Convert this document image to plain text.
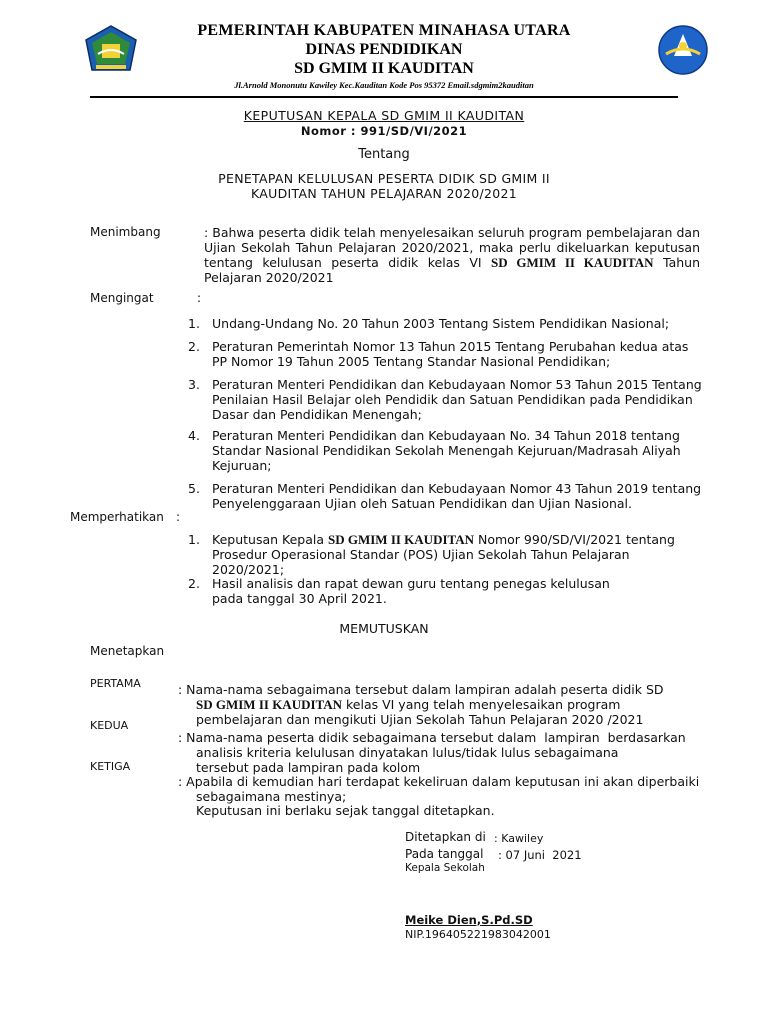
PEMERINTAH KABUPATEN MINAHASA UTARA
DINAS PENDIDIKAN
SD GMIM II KAUDITAN
Jl.Arnold Mononutu Kawiley Kec.Kauditan Kode Pos 95372 Email.sdgmim2kauditan
KEPUTUSAN KEPALA SD GMIM II KAUDITAN
Nomor : 991/SD/VI/2021
Tentang
PENETAPAN KELULUSAN PESERTA DIDIK SD GMIM II
KAUDITAN TAHUN PELAJARAN 2020/2021
Menimbang	: Bahwa peserta didik telah menyelesaikan seluruh program pembelajaran dan Ujian Sekolah Tahun Pelajaran 2020/2021, maka perlu dikeluarkan keputusan tentang kelulusan peserta didik kelas VI SD GMIM II KAUDITAN Tahun Pelajaran 2020/2021
Mengingat	:
1. Undang-Undang No. 20 Tahun 2003 Tentang Sistem Pendidikan Nasional;
2. Peraturan Pemerintah Nomor 13 Tahun 2015 Tentang Perubahan kedua atas PP Nomor 19 Tahun 2005 Tentang Standar Nasional Pendidikan;
3. Peraturan Menteri Pendidikan dan Kebudayaan Nomor 53 Tahun 2015 Tentang Penilaian Hasil Belajar oleh Pendidik dan Satuan Pendidikan pada Pendidikan Dasar dan Pendidikan Menengah;
4. Peraturan Menteri Pendidikan dan Kebudayaan No. 34 Tahun 2018 tentang Standar Nasional Pendidikan Sekolah Menengah Kejuruan/Madrasah Aliyah Kejuruan;
5. Peraturan Menteri Pendidikan dan Kebudayaan Nomor 43 Tahun 2019 tentang Penyelenggaraan Ujian oleh Satuan Pendidikan dan Ujian Nasional.
Memperhatikan :
1. Keputusan Kepala SD GMIM II KAUDITAN Nomor 990/SD/VI/2021 tentang Prosedur Operasional Standar (POS) Ujian Sekolah Tahun Pelajaran 2020/2021;
2. Hasil analisis dan rapat dewan guru tentang penegas kelulusan pada tanggal 30 April 2021.
MEMUTUSKAN
Menetapkan
PERTAMA
KEDUA
KETIGA
: Nama-nama sebagaimana tersebut dalam lampiran adalah peserta didik SD
SD GMIM II KAUDITAN kelas VI yang telah menyelesaikan program pembelajaran dan mengikuti Ujian Sekolah Tahun Pelajaran 2020 /2021
: Nama-nama peserta didik sebagaimana tersebut dalam  lampiran  berdasarkan
analisis kriteria kelulusan dinyatakan lulus/tidak lulus sebagaimana tersebut pada lampiran pada kolom
: Apabila di kemudian hari terdapat kekeliruan dalam keputusan ini akan diperbaiki
sebagaimana mestinya;
Keputusan ini berlaku sejak tanggal ditetapkan.
Ditetapkan di : Kawiley
Pada tanggal : 07 Juni  2021
Kepala Sekolah
Meike Dien,S.Pd.SD
NIP.196405221983042001
